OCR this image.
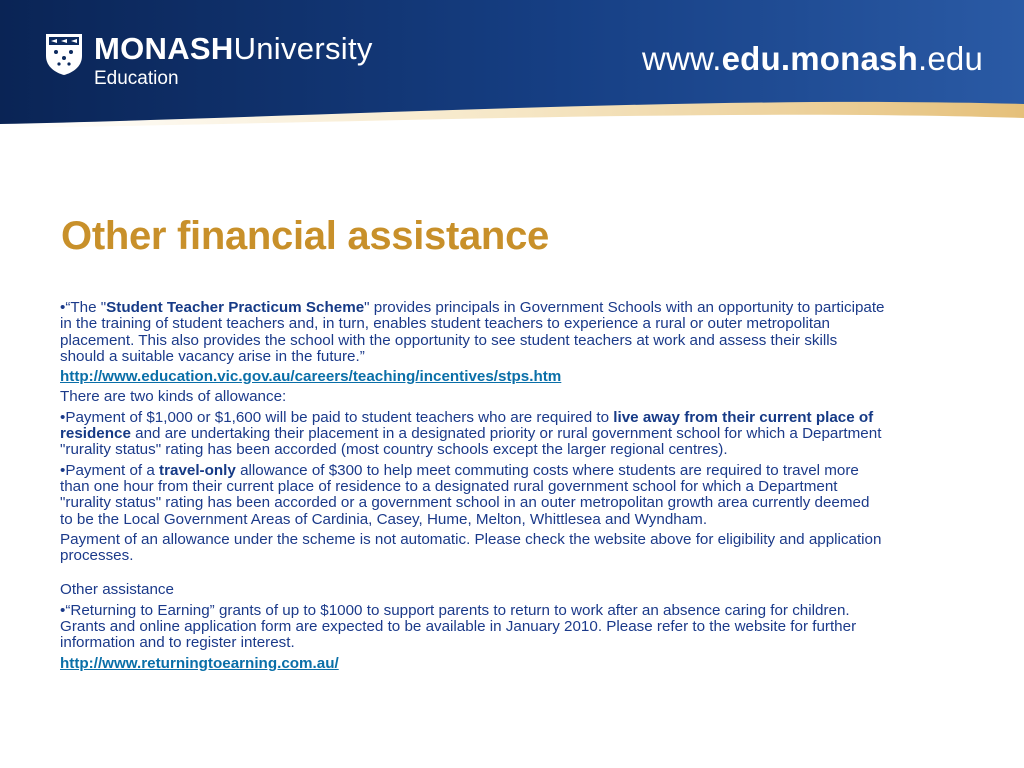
MONASHUniversity
Education
www.edu.monash.edu
Other financial assistance

•“The "Student Teacher Practicum Scheme" provides principals in Government Schools with an opportunity to participate in the training of student teachers and, in turn, enables student teachers to experience a rural or outer metropolitan placement. This also provides the school with the opportunity to see student teachers at work and assess their skills should a suitable vacancy arise in the future.”

http://www.education.vic.gov.au/careers/teaching/incentives/stps.htm

There are two kinds of allowance:

•Payment of $1,000 or $1,600 will be paid to student teachers who are required to live away from their current place of residence and are undertaking their placement in a designated priority or rural government school for which a Department "rurality status" rating has been accorded (most country schools except the larger regional centres).

•Payment of a travel-only allowance of $300 to help meet commuting costs where students are required to travel more than one hour from their current place of residence to a designated rural government school for which a Department "rurality status" rating has been accorded or a government school in an outer metropolitan growth area currently deemed to be the Local Government Areas of Cardinia, Casey, Hume, Melton, Whittlesea and Wyndham.

Payment of an allowance under the scheme is not automatic. Please check the website above for eligibility and application processes.

Other assistance

•“Returning to Earning” grants of up to $1000 to support parents to return to work after an absence caring for children. Grants and online application form are expected to be available in January 2010. Please refer to the website for further information and to register interest.

http://www.returningtoearning.com.au/
